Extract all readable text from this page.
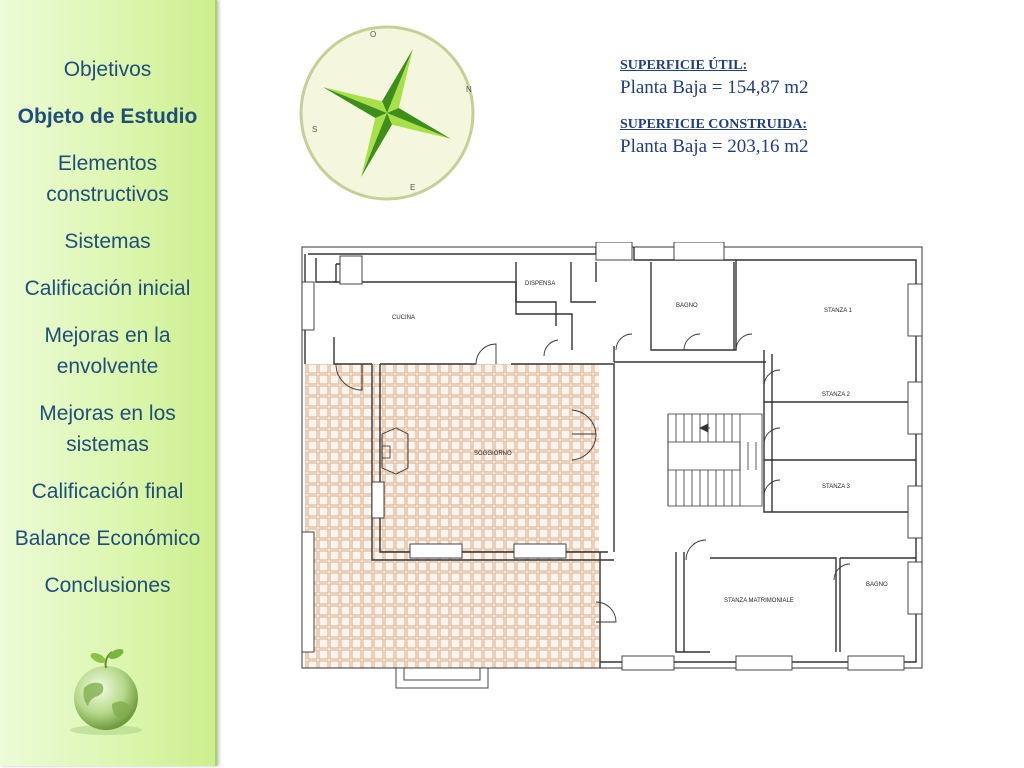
Objetivos
Objeto de Estudio
Elementos constructivos
Sistemas
Calificación inicial
Mejoras en la envolvente
Mejoras en los sistemas
Calificación final
Balance Económico
Conclusiones
O
N
E
S
SUPERFICIE ÚTIL:
Planta Baja = 154,87 m2
SUPERFICIE CONSTRUIDA:
Planta Baja = 203,16 m2
CUCINA
DISPENSA
BAGNO
STANZA 1
STANZA 2
STANZA 3
SOGGIORNO
STANZA MATRIMONIALE
BAGNO
